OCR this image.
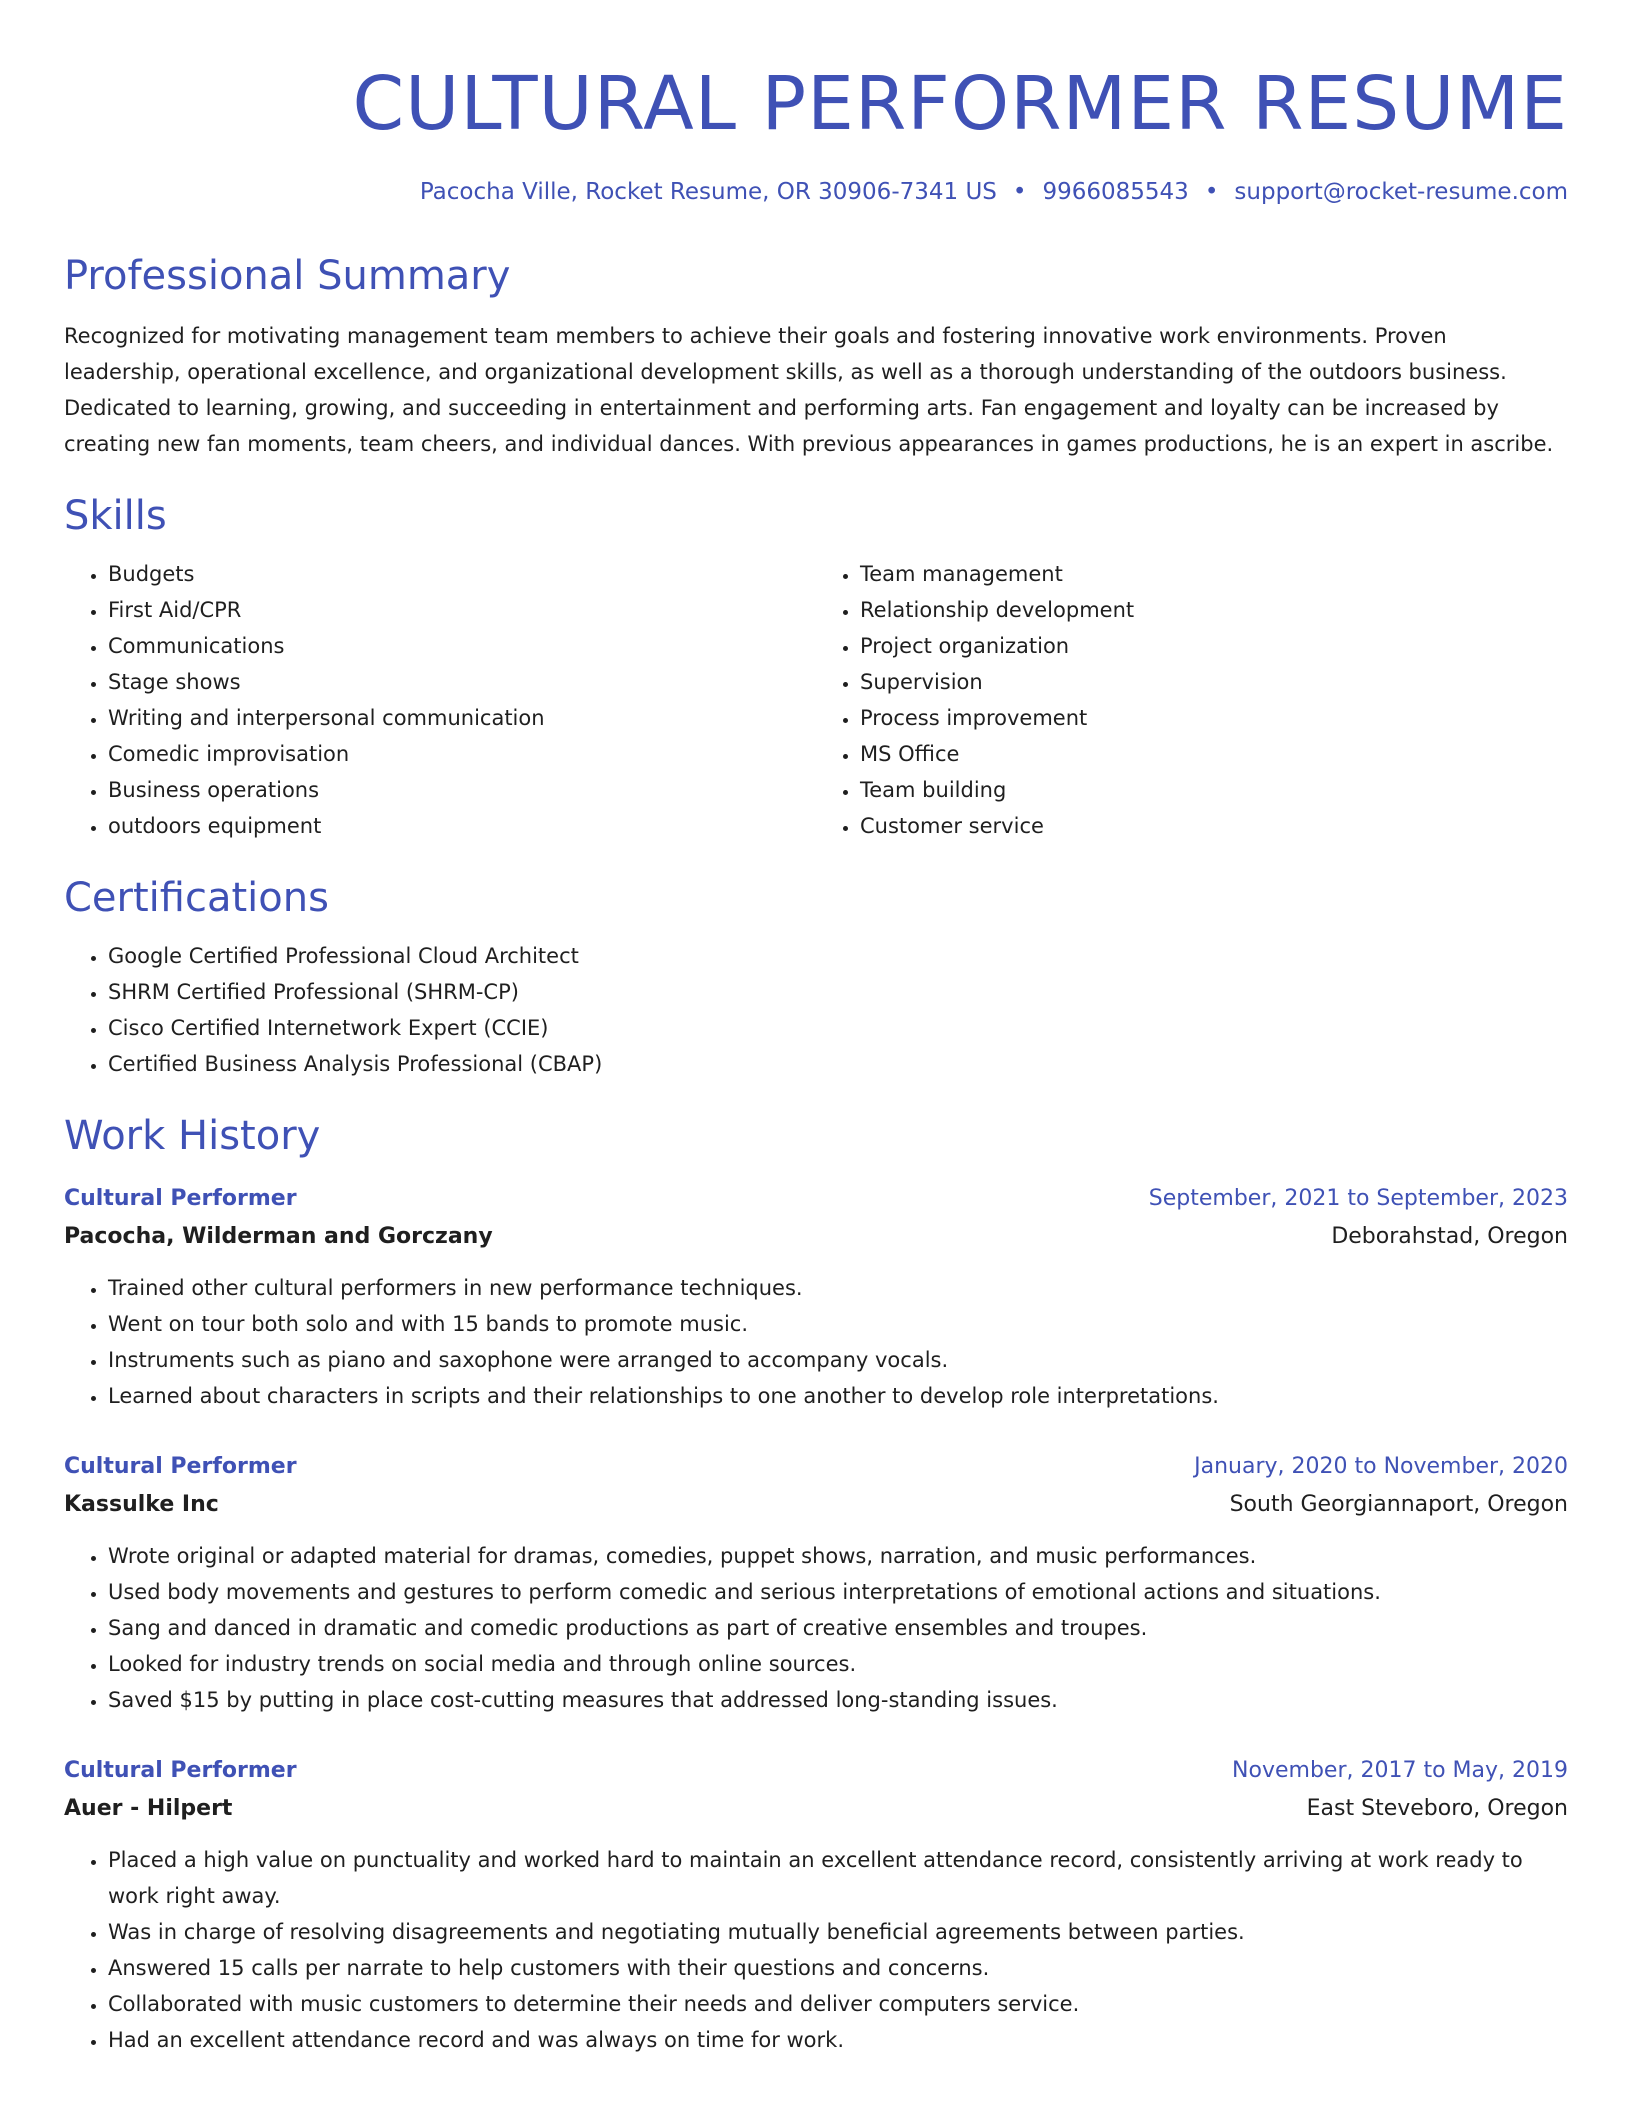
CULTURAL PERFORMER RESUME
Pacocha Ville, Rocket Resume, OR 30906-7341 US • 9966085543 • support@rocket-resume.com
Professional Summary

Recognized for motivating management team members to achieve their goals and fostering innovative work environments. Proven leadership, operational excellence, and organizational development skills, as well as a thorough understanding of the outdoors business. Dedicated to learning, growing, and succeeding in entertainment and performing arts. Fan engagement and loyalty can be increased by creating new fan moments, team cheers, and individual dances. With previous appearances in games productions, he is an expert in ascribe.

Skills
• Budgets
• First Aid/CPR
• Communications
• Stage shows
• Writing and interpersonal communication
• Comedic improvisation
• Business operations
• outdoors equipment
• Team management
• Relationship development
• Project organization
• Supervision
• Process improvement
• MS Office
• Team building
• Customer service
Certifications
• Google Certified Professional Cloud Architect
• SHRM Certified Professional (SHRM-CP)
• Cisco Certified Internetwork Expert (CCIE)
• Certified Business Analysis Professional (CBAP)
Work History
Cultural Performer	September, 2021 to September, 2023
Pacocha, Wilderman and Gorczany	Deborahstad, Oregon
• Trained other cultural performers in new performance techniques.
• Went on tour both solo and with 15 bands to promote music.
• Instruments such as piano and saxophone were arranged to accompany vocals.
• Learned about characters in scripts and their relationships to one another to develop role interpretations.
Cultural Performer	January, 2020 to November, 2020
Kassulke Inc	South Georgiannaport, Oregon
• Wrote original or adapted material for dramas, comedies, puppet shows, narration, and music performances.
• Used body movements and gestures to perform comedic and serious interpretations of emotional actions and situations.
• Sang and danced in dramatic and comedic productions as part of creative ensembles and troupes.
• Looked for industry trends on social media and through online sources.
• Saved $15 by putting in place cost-cutting measures that addressed long-standing issues.
Cultural Performer	November, 2017 to May, 2019
Auer - Hilpert	East Steveboro, Oregon
• Placed a high value on punctuality and worked hard to maintain an excellent attendance record, consistently arriving at work ready to work right away.
• Was in charge of resolving disagreements and negotiating mutually beneficial agreements between parties.
• Answered 15 calls per narrate to help customers with their questions and concerns.
• Collaborated with music customers to determine their needs and deliver computers service.
• Had an excellent attendance record and was always on time for work.
